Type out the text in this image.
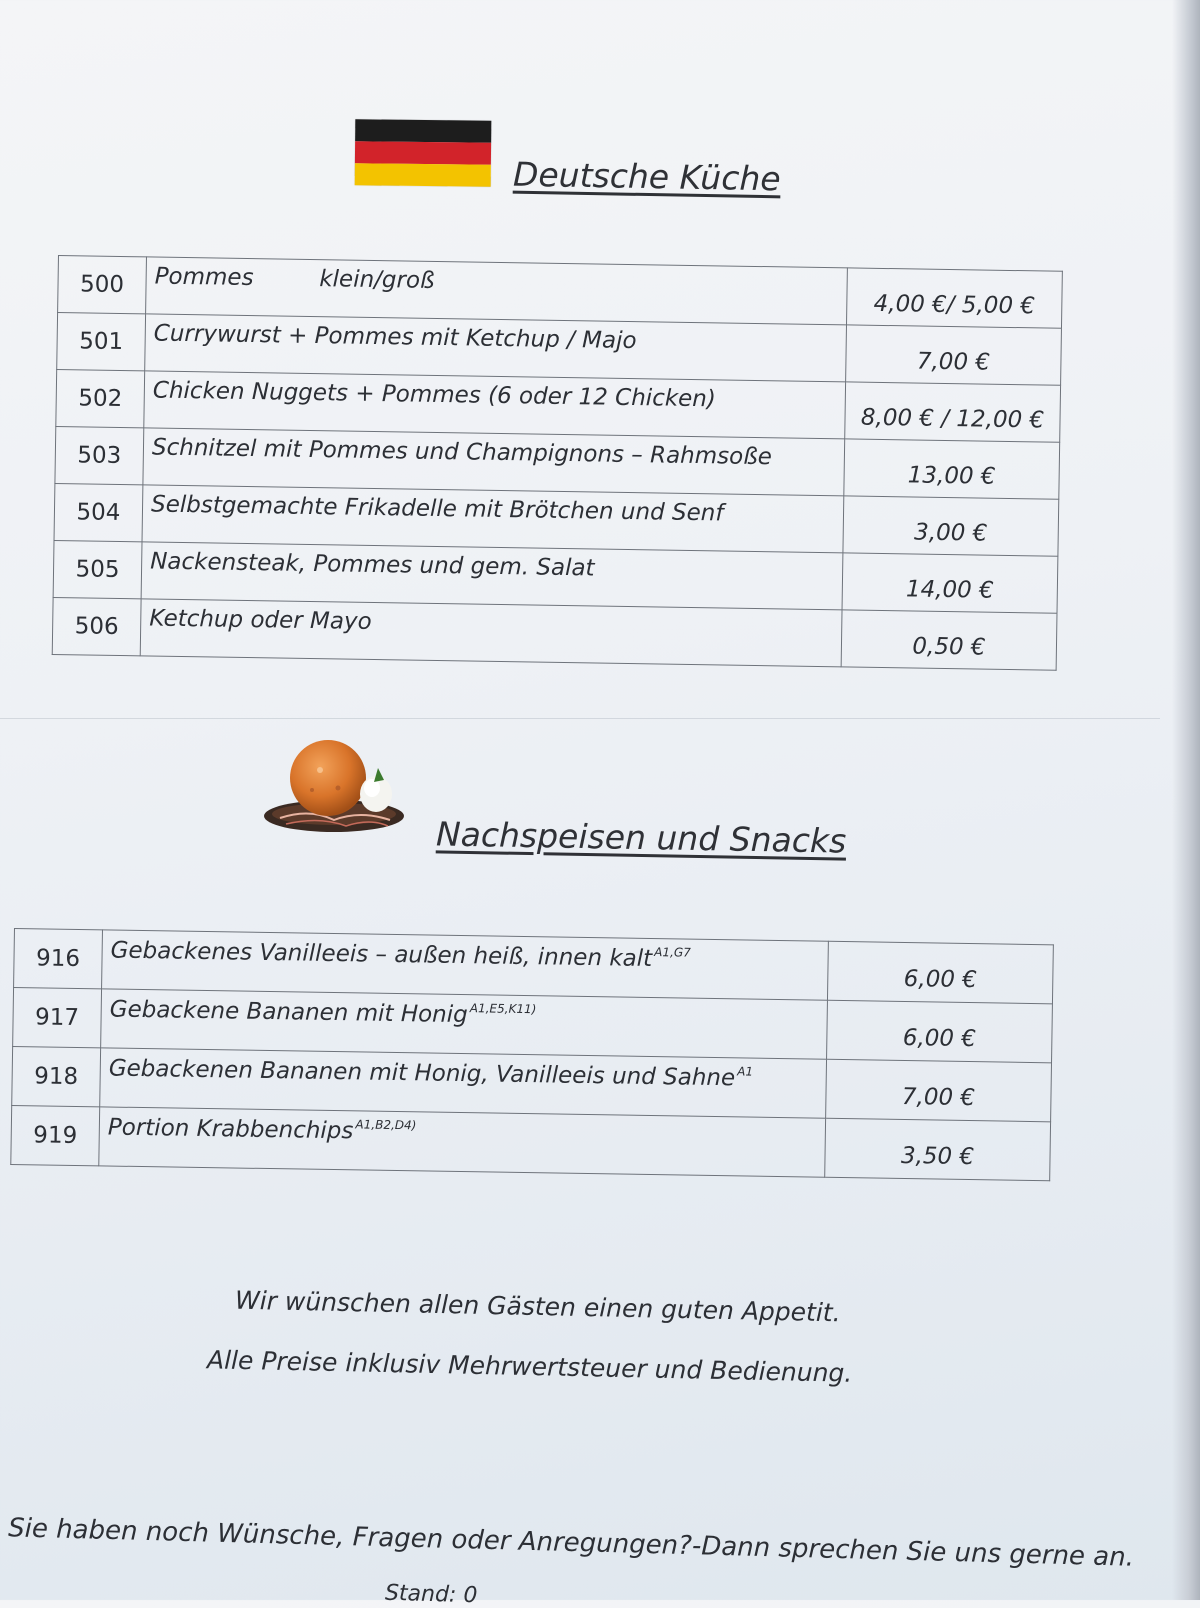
Deutsche Küche
500	Pommes         klein/groß	4,00 €/ 5,00 €
501	Currywurst + Pommes mit Ketchup / Majo	7,00 €
502	Chicken Nuggets + Pommes (6 oder 12 Chicken)	8,00 € / 12,00 €
503	Schnitzel mit Pommes und Champignons – Rahmsoße	13,00 €
504	Selbstgemachte Frikadelle mit Brötchen und Senf	3,00 €
505	Nackensteak, Pommes und gem. Salat	14,00 €
506	Ketchup oder Mayo	0,50 €
Nachspeisen und Snacks
916	Gebackenes Vanilleeis – außen heiß, innen kalt $^{A1,G7}$	6,00 €
917	Gebackene Bananen mit Honig $^{A1,E5,K11)}$	6,00 €
918	Gebackenen Bananen mit Honig, Vanilleeis und Sahne $^{A1}$	7,00 €
919	Portion Krabbenchips $^{A1,B2,D4)}$	3,50 €
Wir wünschen allen Gästen einen guten Appetit.
Alle Preise inklusiv Mehrwertsteuer und Bedienung.
Sie haben noch Wünsche, Fragen oder Anregungen?-Dann sprechen Sie uns gerne an.
Stand: 0
